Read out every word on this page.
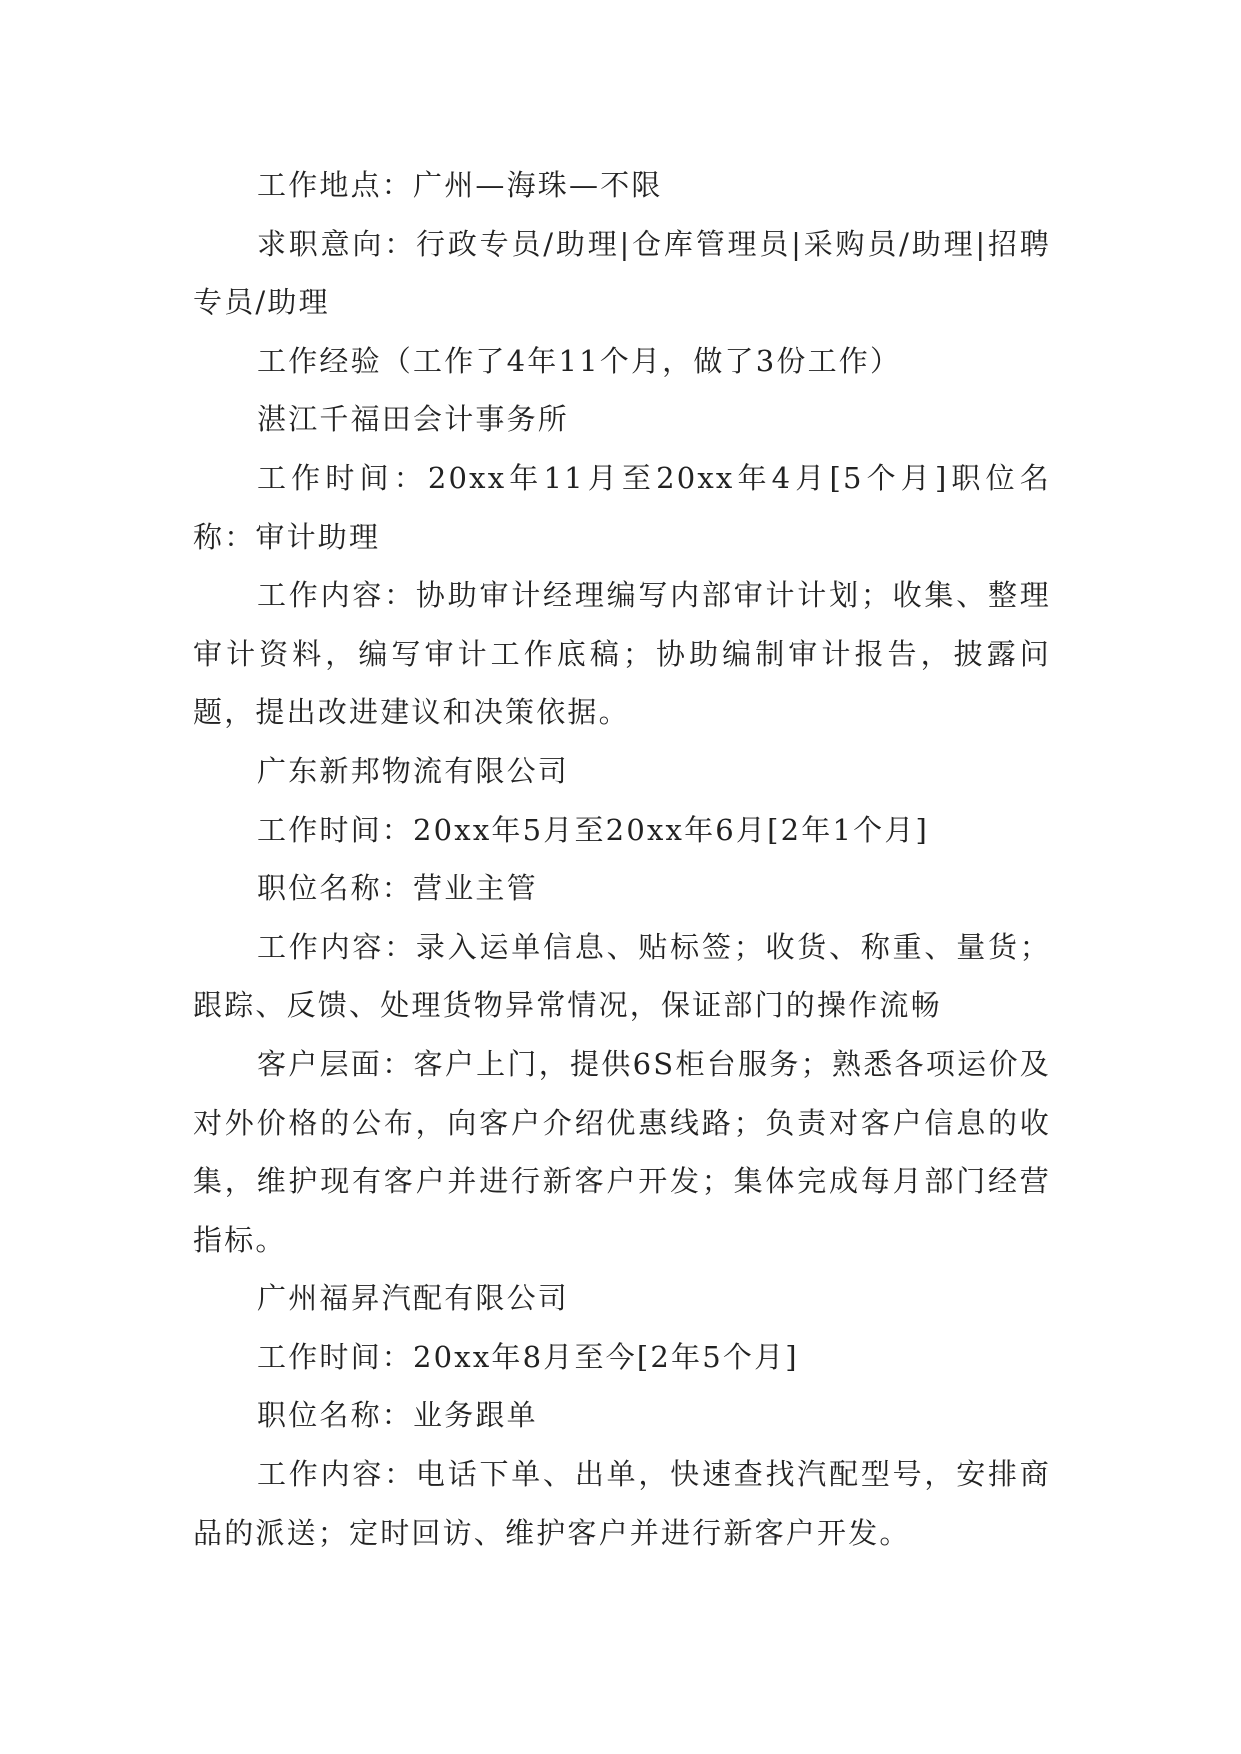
工作地点：广州—海珠—不限

求职意向：行政专员/助理|仓库管理员|采购员/助理|招聘专员/助理

工作经验（工作了4年11个月，做了3份工作）

湛江千福田会计事务所

工作时间：20xx年11月至20xx年4月[5个月]职位名称：审计助理

工作内容：协助审计经理编写内部审计计划；收集、整理审计资料，编写审计工作底稿；协助编制审计报告，披露问题，提出改进建议和决策依据。

广东新邦物流有限公司

工作时间：20xx年5月至20xx年6月[2年1个月]

职位名称：营业主管

工作内容：录入运单信息、贴标签；收货、称重、量货；跟踪、反馈、处理货物异常情况，保证部门的操作流畅

客户层面：客户上门，提供6S柜台服务；熟悉各项运价及对外价格的公布，向客户介绍优惠线路；负责对客户信息的收集，维护现有客户并进行新客户开发；集体完成每月部门经营指标。

广州福昇汽配有限公司

工作时间：20xx年8月至今[2年5个月]

职位名称：业务跟单

工作内容：电话下单、出单，快速查找汽配型号，安排商品的派送；定时回访、维护客户并进行新客户开发。
